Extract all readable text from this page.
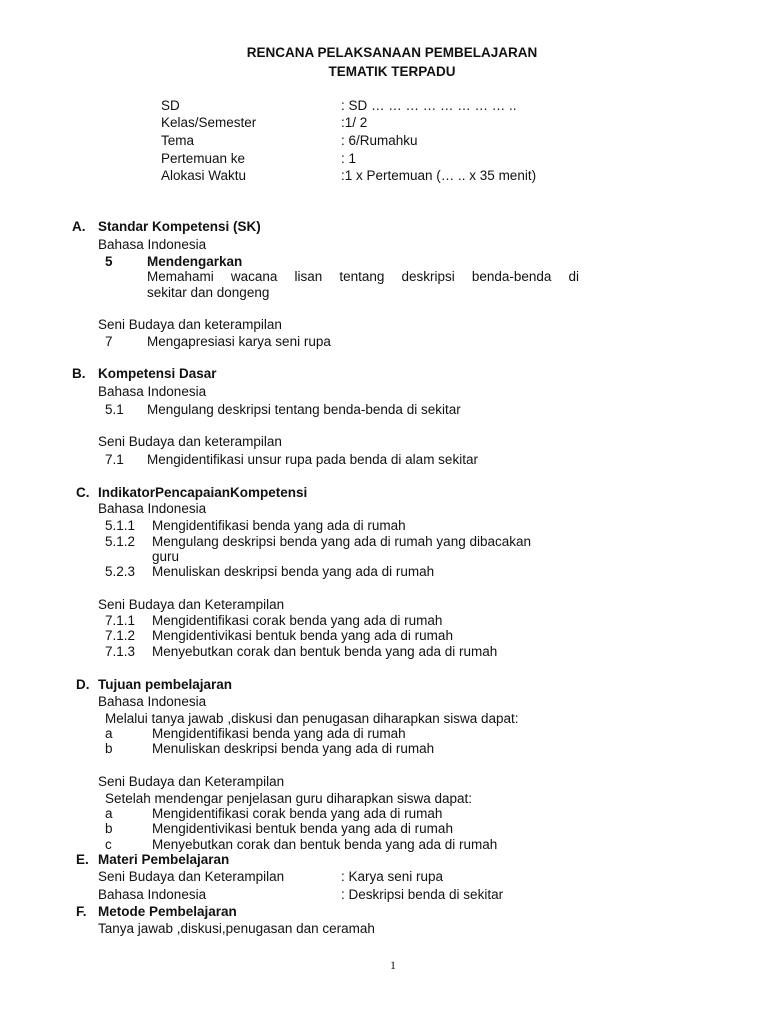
RENCANA PELAKSANAAN PEMBELAJARAN
TEMATIK TERPADU
SD	: SD … … … … … … … … ..
Kelas/Semester	:1/ 2
Tema	: 6/Rumahku
Pertemuan ke	: 1
Alokasi Waktu	:1 x Pertemuan (… .. x 35 menit)
A. Standar Kompetensi (SK)
Bahasa Indonesia
5	Mendengarkan
Memahami wacana lisan tentang deskripsi benda-benda di
sekitar dan dongeng
Seni Budaya dan keterampilan
7	Mengapresiasi karya seni rupa
B. Kompetensi Dasar
Bahasa Indonesia
5.1 Mengulang deskripsi tentang benda-benda di sekitar
Seni Budaya dan keterampilan
7.1 Mengidentifikasi unsur rupa pada benda di alam sekitar
C. IndikatorPencapaianKompetensi
Bahasa Indonesia
5.1.1 Mengidentifikasi benda yang ada di rumah
5.1.2 Mengulang deskripsi benda yang ada di rumah yang dibacakan
guru
5.2.3 Menuliskan deskripsi benda yang ada di rumah
Seni Budaya dan Keterampilan
7.1.1 Mengidentifikasi corak benda yang ada di rumah
7.1.2 Mengidentivikasi bentuk benda yang ada di rumah
7.1.3 Menyebutkan corak dan bentuk benda yang ada di rumah
D. Tujuan pembelajaran
Bahasa Indonesia
Melalui tanya jawab ,diskusi dan penugasan diharapkan siswa dapat:
a	Mengidentifikasi benda yang ada di rumah
b	Menuliskan deskripsi benda yang ada di rumah
Seni Budaya dan Keterampilan
Setelah mendengar penjelasan guru diharapkan siswa dapat:
a	Mengidentifikasi corak benda yang ada di rumah
b	Mengidentivikasi bentuk benda yang ada di rumah
c	Menyebutkan corak dan bentuk benda yang ada di rumah
E. Materi Pembelajaran
Seni Budaya dan Keterampilan	: Karya seni rupa
Bahasa Indonesia	: Deskripsi benda di sekitar
F. Metode Pembelajaran
Tanya jawab ,diskusi,penugasan dan ceramah
1
